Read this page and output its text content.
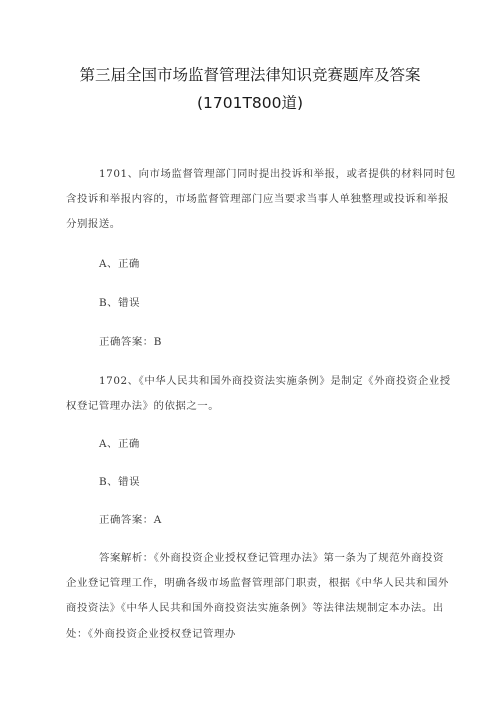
第三届全国市场监督管理法律知识竞赛题库及答案
(1701T800道)
1701、向市场监督管理部门同时提出投诉和举报，或者提供的材料同时包
含投诉和举报内容的，市场监督管理部门应当要求当事人单独整理或投诉和举报
分别报送。
A、正确
B、错误
正确答案：B
1702、《中华人民共和国外商投资法实施条例》是制定《外商投资企业授
权登记管理办法》的依据之一。
A、正确
B、错误
正确答案：A
答案解析：《外商投资企业授权登记管理办法》第一条为了规范外商投资
企业登记管理工作，明确各级市场监督管理部门职责，根据《中华人民共和国外
商投资法》《中华人民共和国外商投资法实施条例》等法律法规制定本办法。出
处：《外商投资企业授权登记管理办
